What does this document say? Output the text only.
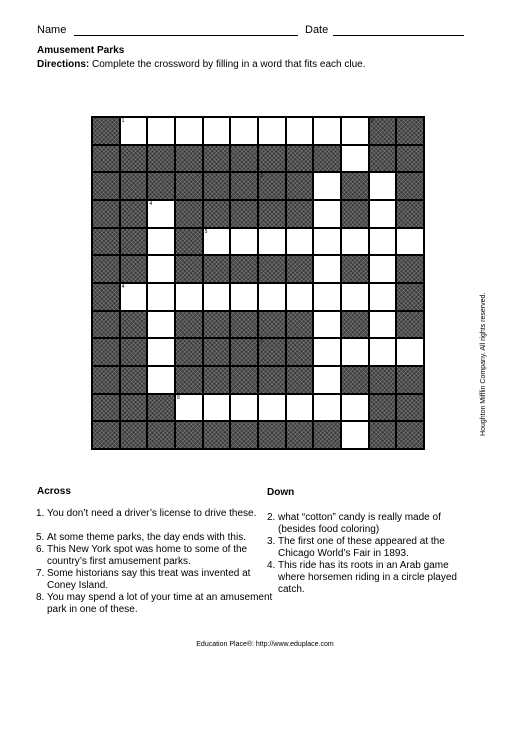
Name	Date
Amusement Parks
Directions: Complete the crossword by filling in a word that fits each clue.
1	2
3
4
5
4
7
8	Houghton Mifflin Company. All rights reserved.
Across
1. You don’t need a driver’s license to drive these.
5. At some theme parks, the day ends with this.
6. This New York spot was home to some of the country’s first amusement parks.
7. Some historians say this treat was invented at Coney Island.
8. You may spend a lot of your time at an amusement park in one of these.
Down
2. what “cotton” candy is really made of (besides food coloring)
3. The first one of these appeared at the Chicago World’s Fair in 1893.
4. This ride has its roots in an Arab game where horsemen riding in a circle played catch.
Education Place®: http://www.eduplace.com
